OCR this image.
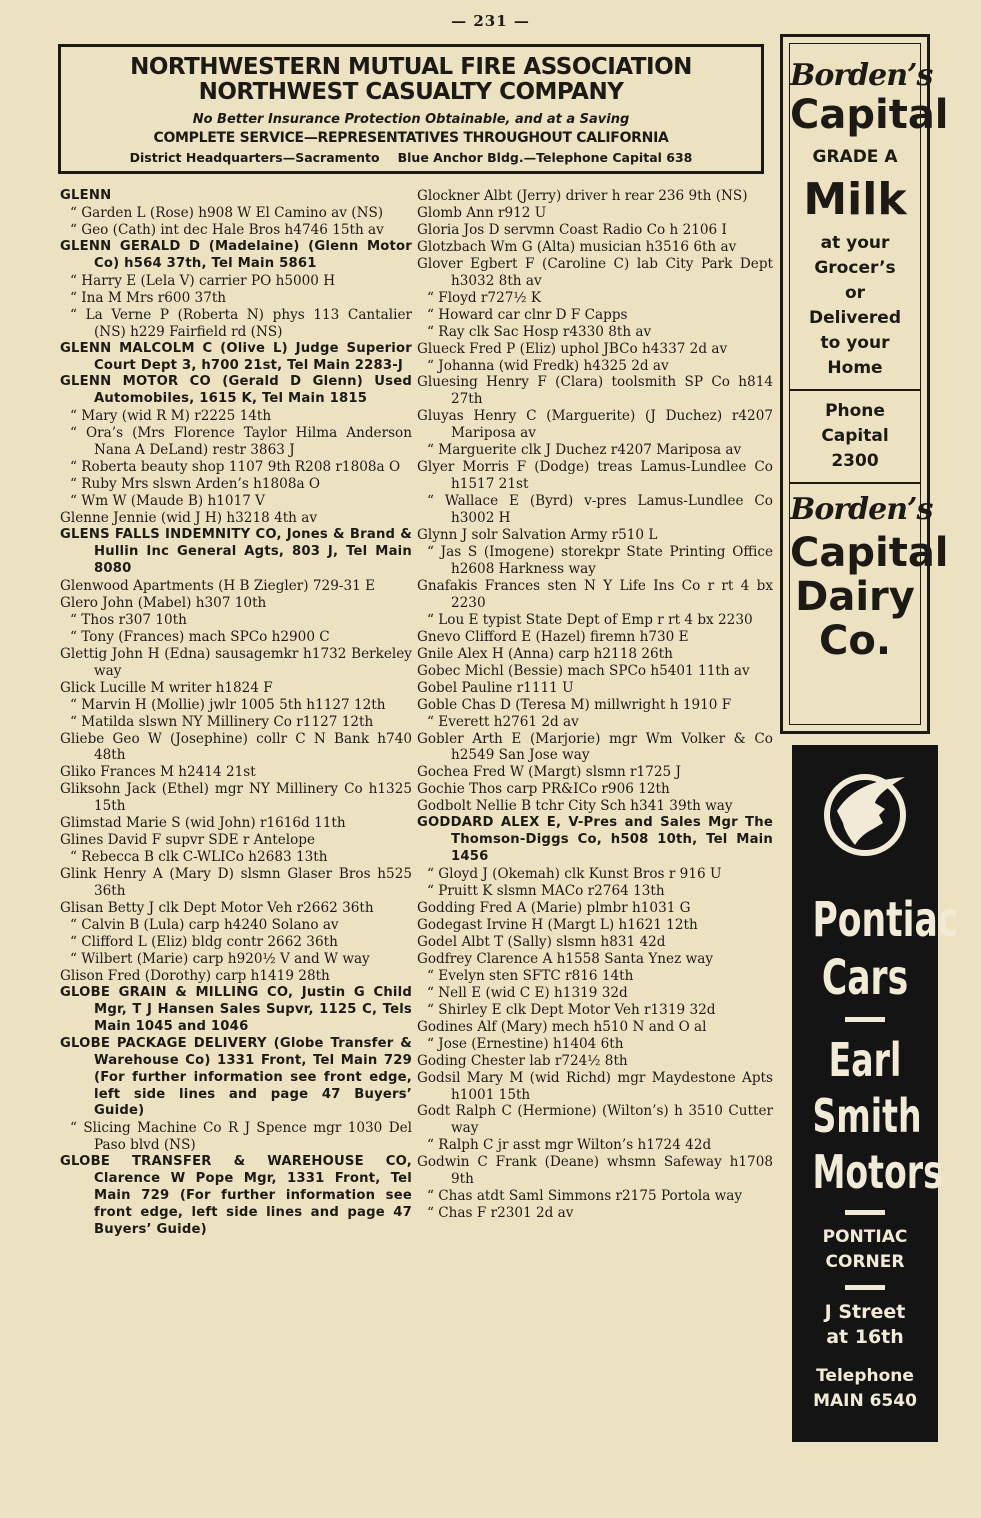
— 231 —
NORTHWESTERN MUTUAL FIRE ASSOCIATION
NORTHWEST CASUALTY COMPANY
No Better Insurance Protection Obtainable, and at a Saving
COMPLETE SERVICE—REPRESENTATIVES THROUGHOUT CALIFORNIA
District Headquarters—Sacramento Blue Anchor Bldg.—Telephone Capital 638

GLENN

“ Garden L (Rose) h908 W El Camino av (NS)

“ Geo (Cath) int dec Hale Bros h4746 15th av

GLENN GERALD D (Madelaine) (Glenn Motor Co) h564 37th, Tel Main 5861

“ Harry E (Lela V) carrier PO h5000 H

“ Ina M Mrs r600 37th

“ La Verne P (Roberta N) phys 113 Cantalier (NS) h229 Fairfield rd (NS)

GLENN MALCOLM C (Olive L) Judge Superior Court Dept 3, h700 21st, Tel Main 2283-J

GLENN MOTOR CO (Gerald D Glenn) Used Automobiles, 1615 K, Tel Main 1815

“ Mary (wid R M) r2225 14th

“ Ora’s (Mrs Florence Taylor Hilma Anderson Nana A DeLand) restr 3863 J

“ Roberta beauty shop 1107 9th R208 r1808a O

“ Ruby Mrs slswn Arden’s h1808a O

“ Wm W (Maude B) h1017 V

Glenne Jennie (wid J H) h3218 4th av

GLENS FALLS INDEMNITY CO, Jones & Brand & Hullin Inc General Agts, 803 J, Tel Main 8080

Glenwood Apartments (H B Ziegler) 729-31 E

Glero John (Mabel) h307 10th

“ Thos r307 10th

“ Tony (Frances) mach SPCo h2900 C

Glettig John H (Edna) sausagemkr h1732 Berkeley way

Glick Lucille M writer h1824 F

“ Marvin H (Mollie) jwlr 1005 5th h1127 12th

“ Matilda slswn NY Millinery Co r1127 12th

Gliebe Geo W (Josephine) collr C N Bank h740 48th

Gliko Frances M h2414 21st

Gliksohn Jack (Ethel) mgr NY Millinery Co h1325 15th

Glimstad Marie S (wid John) r1616d 11th

Glines David F supvr SDE r Antelope

“ Rebecca B clk C-WLICo h2683 13th

Glink Henry A (Mary D) slsmn Glaser Bros h525 36th

Glisan Betty J clk Dept Motor Veh r2662 36th

“ Calvin B (Lula) carp h4240 Solano av

“ Clifford L (Eliz) bldg contr 2662 36th

“ Wilbert (Marie) carp h920½ V and W way

Glison Fred (Dorothy) carp h1419 28th

GLOBE GRAIN & MILLING CO, Justin G Child Mgr, T J Hansen Sales Supvr, 1125 C, Tels Main 1045 and 1046

GLOBE PACKAGE DELIVERY (Globe Transfer & Warehouse Co) 1331 Front, Tel Main 729 (For further information see front edge, left side lines and page 47 Buyers’ Guide)

“ Slicing Machine Co R J Spence mgr 1030 Del Paso blvd (NS)

GLOBE TRANSFER & WAREHOUSE CO, Clarence W Pope Mgr, 1331 Front, Tel Main 729 (For further information see front edge, left side lines and page 47 Buyers’ Guide)

Glockner Albt (Jerry) driver h rear 236 9th (NS)

Glomb Ann r912 U

Gloria Jos D servmn Coast Radio Co h 2106 I

Glotzbach Wm G (Alta) musician h3516 6th av

Glover Egbert F (Caroline C) lab City Park Dept h3032 8th av

“ Floyd r727½ K

“ Howard car clnr D F Capps

“ Ray clk Sac Hosp r4330 8th av

Glueck Fred P (Eliz) uphol JBCo h4337 2d av

“ Johanna (wid Fredk) h4325 2d av

Gluesing Henry F (Clara) toolsmith SP Co h814 27th

Gluyas Henry C (Marguerite) (J Duchez) r4207 Mariposa av

“ Marguerite clk J Duchez r4207 Mariposa av

Glyer Morris F (Dodge) treas Lamus-Lundlee Co h1517 21st

“ Wallace E (Byrd) v-pres Lamus-Lundlee Co h3002 H

Glynn J solr Salvation Army r510 L

“ Jas S (Imogene) storekpr State Printing Office h2608 Harkness way

Gnafakis Frances sten N Y Life Ins Co r rt 4 bx 2230

“ Lou E typist State Dept of Emp r rt 4 bx 2230

Gnevo Clifford E (Hazel) firemn h730 E

Gnile Alex H (Anna) carp h2118 26th

Gobec Michl (Bessie) mach SPCo h5401 11th av

Gobel Pauline r1111 U

Goble Chas D (Teresa M) millwright h 1910 F

“ Everett h2761 2d av

Gobler Arth E (Marjorie) mgr Wm Volker & Co h2549 San Jose way

Gochea Fred W (Margt) slsmn r1725 J

Gochie Thos carp PR&ICo r906 12th

Godbolt Nellie B tchr City Sch h341 39th way

GODDARD ALEX E, V-Pres and Sales Mgr The Thomson-Diggs Co, h508 10th, Tel Main 1456

“ Gloyd J (Okemah) clk Kunst Bros r 916 U

“ Pruitt K slsmn MACo r2764 13th

Godding Fred A (Marie) plmbr h1031 G

Godegast Irvine H (Margt L) h1621 12th

Godel Albt T (Sally) slsmn h831 42d

Godfrey Clarence A h1558 Santa Ynez way

“ Evelyn sten SFTC r816 14th

“ Nell E (wid C E) h1319 32d

“ Shirley E clk Dept Motor Veh r1319 32d

Godines Alf (Mary) mech h510 N and O al

“ Jose (Ernestine) h1404 6th

Goding Chester lab r724½ 8th

Godsil Mary M (wid Richd) mgr Maydestone Apts h1001 15th

Godt Ralph C (Hermione) (Wilton’s) h 3510 Cutter way

“ Ralph C jr asst mgr Wilton’s h1724 42d

Godwin C Frank (Deane) whsmn Safeway h1708 9th

“ Chas atdt Saml Simmons r2175 Portola way

“ Chas F r2301 2d av

Borden’s
Capital
GRADE A
Milk
at your
Grocer’s
or
Delivered
to your
Home
Phone
Capital
2300
Borden’s
Capital
Dairy
Co.
Pontiac
Cars
Earl
Smith
Motors
PONTIAC
CORNER
J Street
at 16th
Telephone
MAIN 6540
